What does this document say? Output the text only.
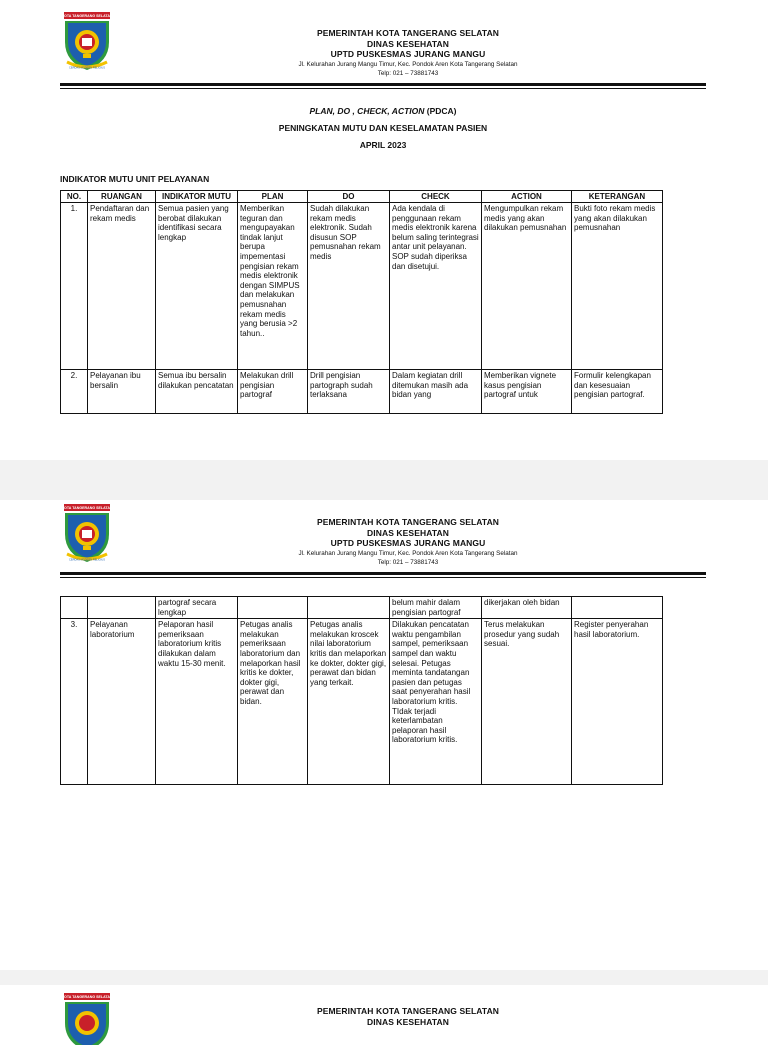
KOTA TANGERANG SELATAN
CERDAS MODERN RELIGIUS
PEMERINTAH KOTA TANGERANG SELATAN
DINAS KESEHATAN
UPTD PUSKESMAS JURANG MANGU
Jl. Kelurahan Jurang Mangu Timur, Kec. Pondok Aren Kota Tangerang Selatan
Telp: 021 – 73881743
PLAN, DO , CHECK, ACTION (PDCA)
PENINGKATAN MUTU DAN KESELAMATAN PASIEN
APRIL 2023
INDIKATOR MUTU UNIT PELAYANAN
NO.	RUANGAN	INDIKATOR MUTU	PLAN	DO	CHECK	ACTION	KETERANGAN
1.	Pendaftaran dan rekam medis	Semua pasien yang berobat dilakukan identifikasi secara lengkap	Memberikan teguran dan mengupayakan tindak lanjut berupa impementasi pengisian rekam medis elektronik dengan SIMPUS dan melakukan pemusnahan rekam medis yang berusia >2 tahun..	Sudah dilakukan rekam medis elektronik. Sudah disusun SOP pemusnahan rekam medis	Ada kendala di penggunaan rekam medis elektronik karena belum saling terintegrasi antar unit pelayanan. SOP sudah diperiksa dan disetujui.	Mengumpulkan rekam medis yang akan dilakukan pemusnahan	Bukti foto rekam medis yang akan dilakukan pemusnahan
2.	Pelayanan ibu bersalin	Semua ibu bersalin dilakukan pencatatan	Melakukan drill pengisian partograf	Drill pengisian partograph sudah terlaksana	Dalam kegiatan drill ditemukan masih ada bidan yang	Memberikan vignete kasus pengisian partograf untuk	Formulir kelengkapan dan kesesuaian pengisian partograf.
KOTA TANGERANG SELATAN
CERDAS MODERN RELIGIUS
PEMERINTAH KOTA TANGERANG SELATAN
DINAS KESEHATAN
UPTD PUSKESMAS JURANG MANGU
Jl. Kelurahan Jurang Mangu Timur, Kec. Pondok Aren Kota Tangerang Selatan
Telp: 021 – 73881743
		partograf secara lengkap			belum mahir dalam pengisian partograf	dikerjakan oleh bidan	
3.	Pelayanan laboratorium	Pelaporan hasil pemeriksaan laboratorium kritis dilakukan dalam waktu 15-30 menit.	Petugas analis melakukan pemeriksaan laboratorium dan melaporkan hasil kritis ke dokter, dokter gigi, perawat dan bidan.	Petugas analis melakukan kroscek nilai laboratorium kritis dan melaporkan ke dokter, dokter gigi, perawat dan bidan yang terkait.	Dilakukan pencatatan waktu pengambilan sampel, pemeriksaan sampel dan waktu selesai. Petugas meminta tandatangan pasien dan petugas saat penyerahan hasil laboratorium kritis. TIdak terjadi keterlambatan pelaporan hasil laboratorium kritis.	Terus melakukan prosedur yang sudah sesuai.	Register penyerahan hasil laboratorium.
KOTA TANGERANG SELATAN
PEMERINTAH KOTA TANGERANG SELATAN
DINAS KESEHATAN
